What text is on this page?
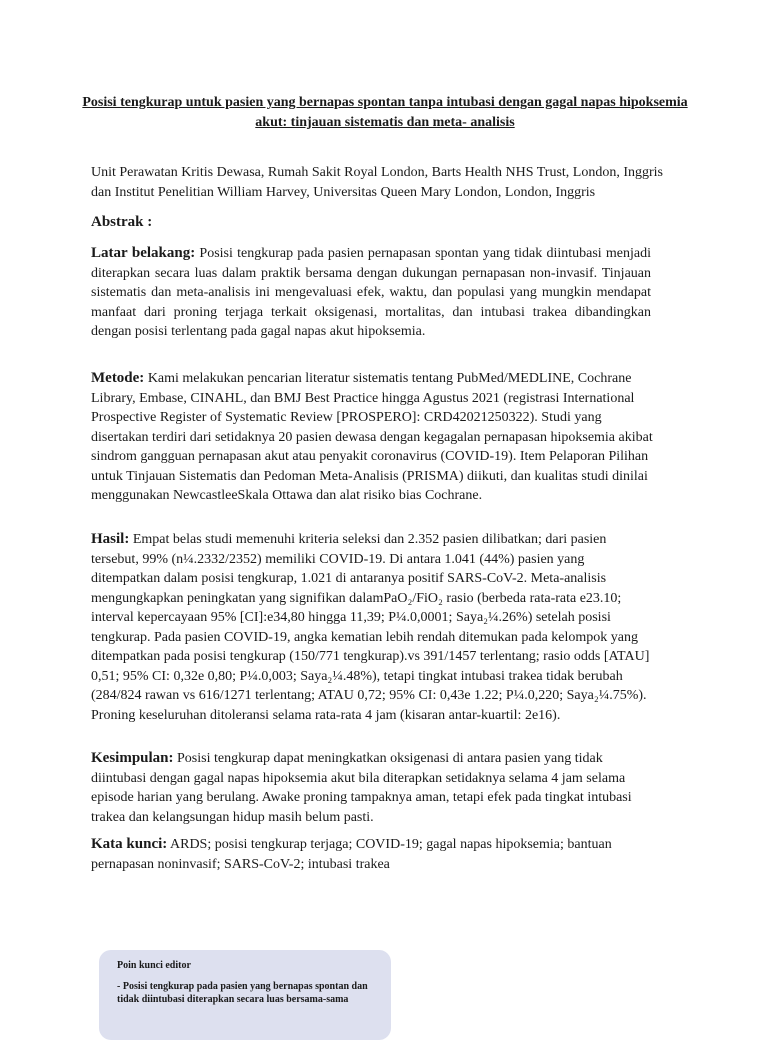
Posisi tengkurap untuk pasien yang bernapas spontan tanpa intubasi dengan gagal napas hipoksemia akut: tinjauan sistematis dan meta- analisis

Unit Perawatan Kritis Dewasa, Rumah Sakit Royal London, Barts Health NHS Trust, London, Inggris dan Institut Penelitian William Harvey, Universitas Queen Mary London, London, Inggris

Abstrak :

Latar belakang: Posisi tengkurap pada pasien pernapasan spontan yang tidak diintubasi menjadi diterapkan secara luas dalam praktik bersama dengan dukungan pernapasan non-invasif. Tinjauan sistematis dan meta-analisis ini mengevaluasi efek, waktu, dan populasi yang mungkin mendapat manfaat dari proning terjaga terkait oksigenasi, mortalitas, dan intubasi trakea dibandingkan dengan posisi terlentang pada gagal napas akut hipoksemia.

Metode: Kami melakukan pencarian literatur sistematis tentang PubMed/MEDLINE, Cochrane Library, Embase, CINAHL, dan BMJ Best Practice hingga Agustus 2021 (registrasi International Prospective Register of Systematic Review [PROSPERO]: CRD42021250322). Studi yang disertakan terdiri dari setidaknya 20 pasien dewasa dengan kegagalan pernapasan hipoksemia akibat sindrom gangguan pernapasan akut atau penyakit coronavirus (COVID-19). Item Pelaporan Pilihan untuk Tinjauan Sistematis dan Pedoman Meta-Analisis (PRISMA) diikuti, dan kualitas studi dinilai menggunakan NewcastleeSkala Ottawa dan alat risiko bias Cochrane.

Hasil: Empat belas studi memenuhi kriteria seleksi dan 2.352 pasien dilibatkan; dari pasien tersebut, 99% (n¼.2332/2352) memiliki COVID-19. Di antara 1.041 (44%) pasien yang ditempatkan dalam posisi tengkurap, 1.021 di antaranya positif SARS-CoV-2. Meta-analisis mengungkapkan peningkatan yang signifikan dalamPaO₂/FiO₂ rasio (berbeda rata-rata e23.10; interval kepercayaan 95% [CI]:e34,80 hingga 11,39; P¼.0,0001; Saya₂¼.26%) setelah posisi tengkurap. Pada pasien COVID-19, angka kematian lebih rendah ditemukan pada kelompok yang ditempatkan pada posisi tengkurap (150/771 tengkurap).vs 391/1457 terlentang; rasio odds [ATAU] 0,51; 95% CI: 0,32e 0,80; P¼.0,003; Saya₂¼.48%), tetapi tingkat intubasi trakea tidak berubah (284/824 rawan vs 616/1271 terlentang; ATAU 0,72; 95% CI: 0,43e 1.22; P¼.0,220; Saya₂¼.75%). Proning keseluruhan ditoleransi selama rata-rata 4 jam (kisaran antar-kuartil: 2e16).

Kesimpulan: Posisi tengkurap dapat meningkatkan oksigenasi di antara pasien yang tidak diintubasi dengan gagal napas hipoksemia akut bila diterapkan setidaknya selama 4 jam selama episode harian yang berulang. Awake proning tampaknya aman, tetapi efek pada tingkat intubasi trakea dan kelangsungan hidup masih belum pasti.

Kata kunci: ARDS; posisi tengkurap terjaga; COVID-19; gagal napas hipoksemia; bantuan pernapasan noninvasif; SARS-CoV-2; intubasi trakea

Poin kunci editor

- Posisi tengkurap pada pasien yang bernapas spontan dan tidak diintubasi diterapkan secara luas bersama-sama
